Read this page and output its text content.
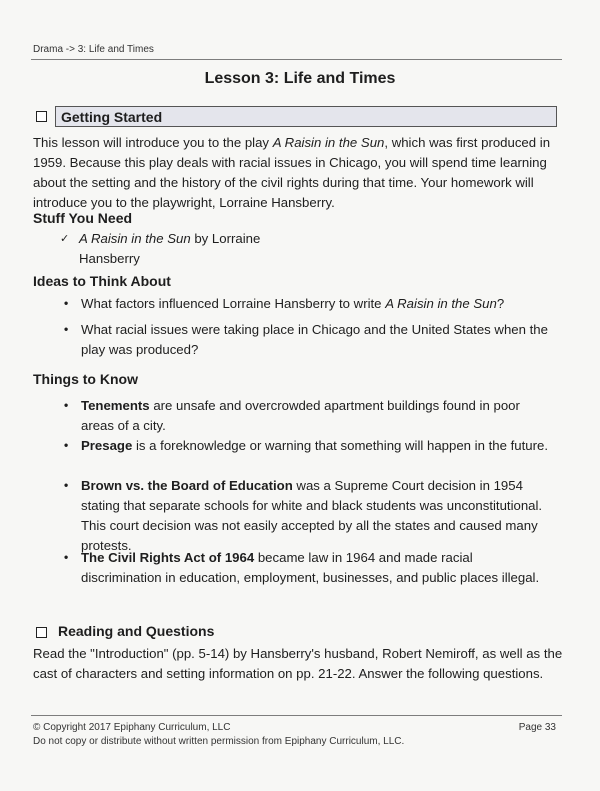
Drama -> 3: Life and Times
Lesson 3: Life and Times
Getting Started

This lesson will introduce you to the play A Raisin in the Sun, which was first produced in 1959. Because this play deals with racial issues in Chicago, you will spend time learning about the setting and the history of the civil rights during that time. Your homework will introduce you to the playwright, Lorraine Hansberry.

Stuff You Need
✓ A Raisin in the Sun by Lorraine Hansberry
Ideas to Think About
• What factors influenced Lorraine Hansberry to write A Raisin in the Sun?
• What racial issues were taking place in Chicago and the United States when the play was produced?
Things to Know
• Tenements are unsafe and overcrowded apartment buildings found in poor areas of a city.
• Presage is a foreknowledge or warning that something will happen in the future.
• Brown vs. the Board of Education was a Supreme Court decision in 1954 stating that separate schools for white and black students was unconstitutional. This court decision was not easily accepted by all the states and caused many protests.
• The Civil Rights Act of 1964 became law in 1964 and made racial discrimination in education, employment, businesses, and public places illegal.
Reading and Questions

Read the "Introduction" (pp. 5-14) by Hansberry's husband, Robert Nemiroff, as well as the cast of characters and setting information on pp. 21-22. Answer the following questions.

© Copyright 2017 Epiphany Curriculum, LLC
Do not copy or distribute without written permission from Epiphany Curriculum, LLC.
Page 33
